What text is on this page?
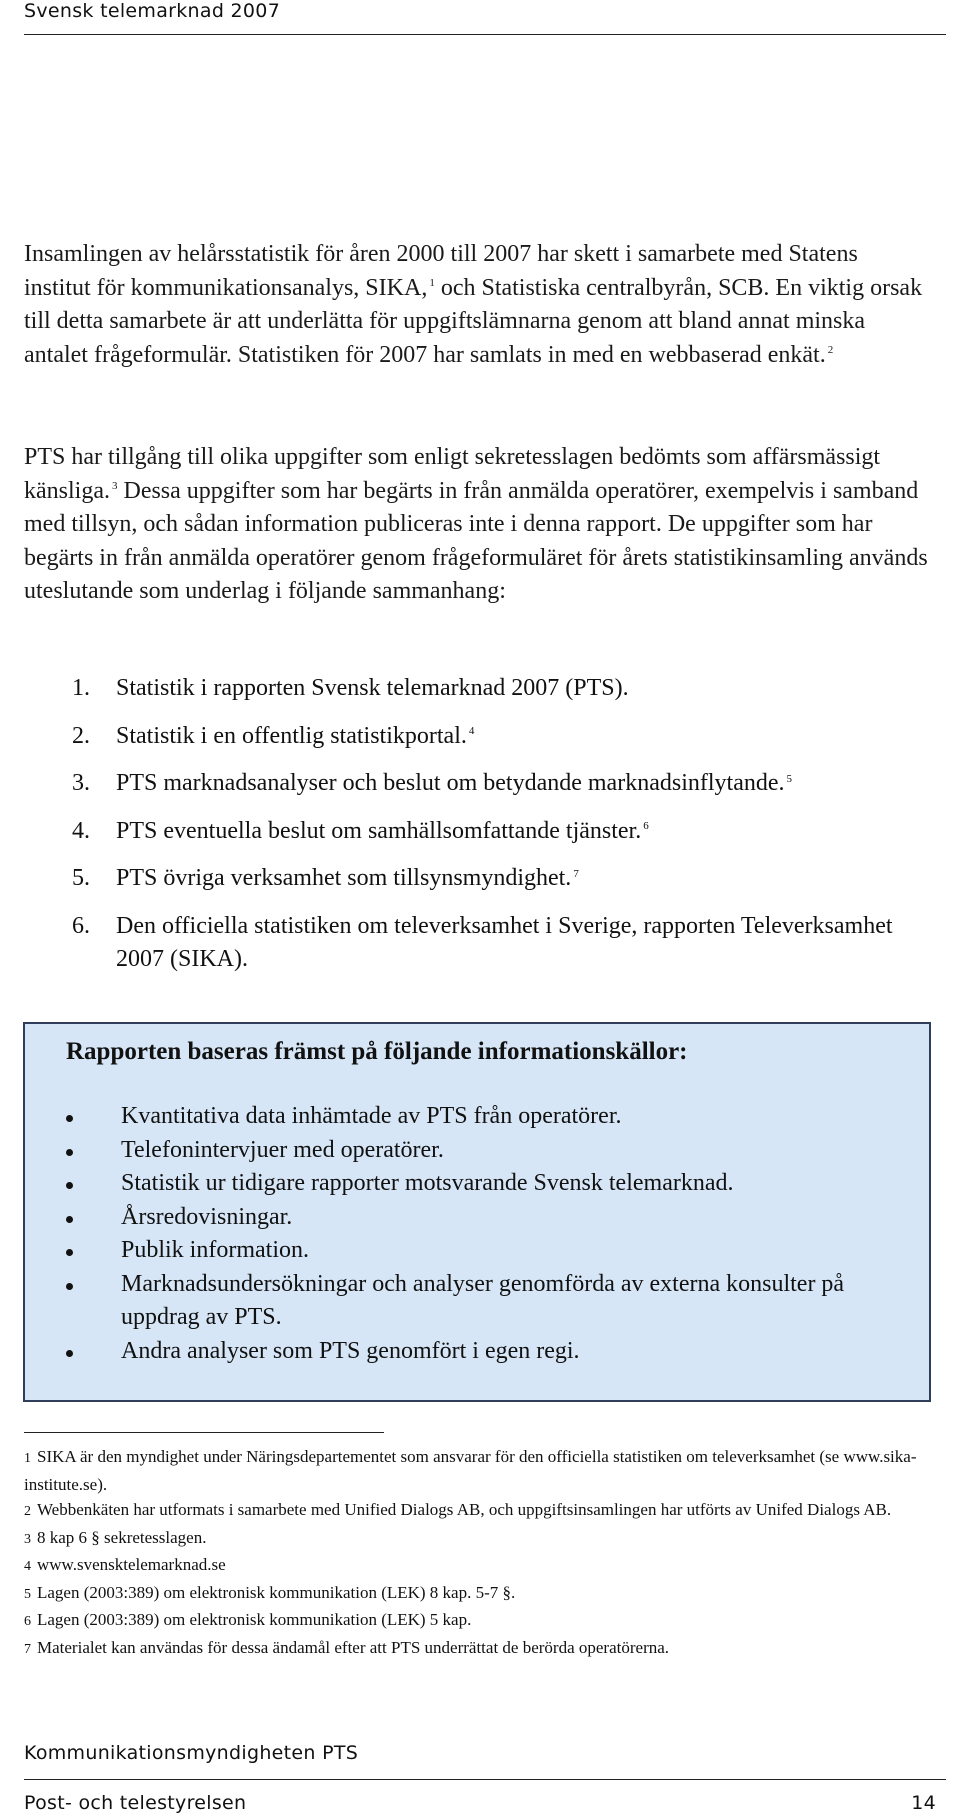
Svensk telemarknad 2007

Insamlingen av helårsstatistik för åren 2000 till 2007 har skett i samarbete med Statens institut för kommunikationsanalys, SIKA, $^1$ och Statistiska centralbyrån, SCB. En viktig orsak till detta samarbete är att underlätta för uppgiftslämnarna genom att bland annat minska antalet frågeformulär. Statistiken för 2007 har samlats in med en webbaserad enkät. $^2$

PTS har tillgång till olika uppgifter som enligt sekretesslagen bedömts som affärsmässigt känsliga. $^3$ Dessa uppgifter som har begärts in från anmälda operatörer, exempelvis i samband med tillsyn, och sådan information publiceras inte i denna rapport. De uppgifter som har begärts in från anmälda operatörer genom frågeformuläret för årets statistikinsamling används uteslutande som underlag i följande sammanhang:

1. Statistik i rapporten Svensk telemarknad 2007 (PTS).
2. Statistik i en offentlig statistikportal. $^4$
3. PTS marknadsanalyser och beslut om betydande marknadsinflytande. $^5$
4. PTS eventuella beslut om samhällsomfattande tjänster. $^6$
5. PTS övriga verksamhet som tillsynsmyndighet. $^7$
6. Den officiella statistiken om televerksamhet i Sverige, rapporten Televerksamhet 2007 (SIKA).
Rapporten baseras främst på följande informationskällor:
Kvantitativa data inhämtade av PTS från operatörer.
Telefonintervjuer med operatörer.
Statistik ur tidigare rapporter motsvarande Svensk telemarknad.
Årsredovisningar.
Publik information.
Marknadsundersökningar och analyser genomförda av externa konsulter på uppdrag av PTS.
Andra analyser som PTS genomfört i egen regi.
1 SIKA är den myndighet under Näringsdepartementet som ansvarar för den officiella statistiken om televerksamhet (se www.sika-institute.se).
2 Webbenkäten har utformats i samarbete med Unified Dialogs AB, och uppgiftsinsamlingen har utförts av Unifed Dialogs AB.
3 8 kap 6 § sekretesslagen.
4 www.svensktelemarknad.se
5 Lagen (2003:389) om elektronisk kommunikation (LEK) 8 kap. 5-7 §.
6 Lagen (2003:389) om elektronisk kommunikation (LEK) 5 kap.
7 Materialet kan användas för dessa ändamål efter att PTS underrättat de berörda operatörerna.
Kommunikationsmyndigheten PTS
Post- och telestyrelsen	14
